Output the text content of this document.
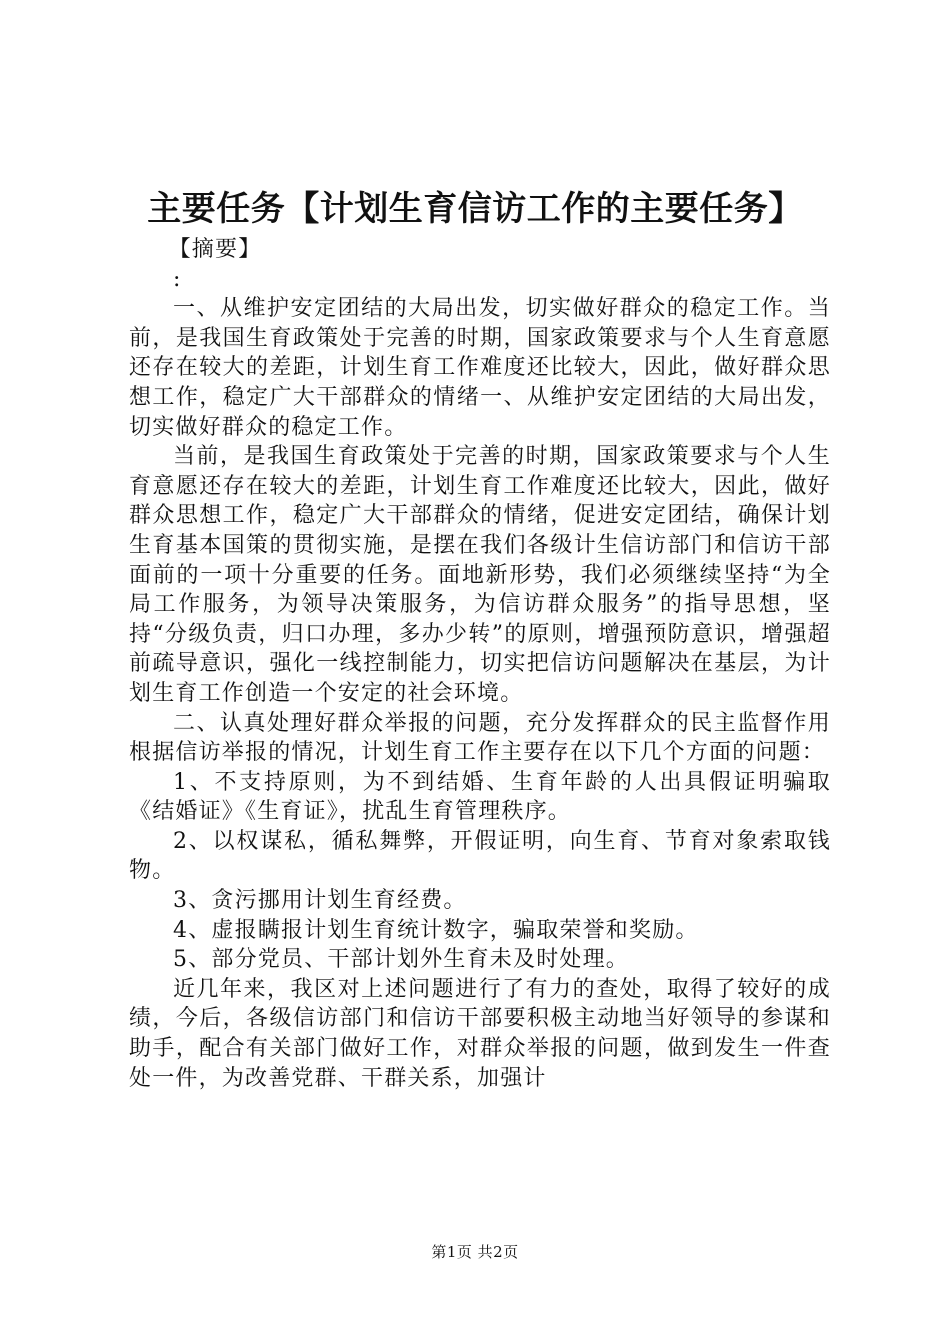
主要任务【计划生育信访工作的主要任务】

【摘要】

:

一、从维护安定团结的大局出发，切实做好群众的稳定工作。当前，是我国生育政策处于完善的时期，国家政策要求与个人生育意愿还存在较大的差距，计划生育工作难度还比较大，因此，做好群众思想工作，稳定广大干部群众的情绪一、从维护安定团结的大局出发，切实做好群众的稳定工作。

当前，是我国生育政策处于完善的时期，国家政策要求与个人生育意愿还存在较大的差距，计划生育工作难度还比较大，因此，做好群众思想工作，稳定广大干部群众的情绪，促进安定团结，确保计划生育基本国策的贯彻实施，是摆在我们各级计生信访部门和信访干部面前的一项十分重要的任务。面地新形势，我们必须继续坚持“为全局工作服务，为领导决策服务，为信访群众服务”的指导思想，坚持“分级负责，归口办理，多办少转”的原则，增强预防意识，增强超前疏导意识，强化一线控制能力，切实把信访问题解决在基层，为计划生育工作创造一个安定的社会环境。

二、认真处理好群众举报的问题，充分发挥群众的民主监督作用根据信访举报的情况，计划生育工作主要存在以下几个方面的问题：

1、不支持原则，为不到结婚、生育年龄的人出具假证明骗取《结婚证》《生育证》，扰乱生育管理秩序。

2、以权谋私，循私舞弊，开假证明，向生育、节育对象索取钱物。

3、贪污挪用计划生育经费。

4、虚报瞒报计划生育统计数字，骗取荣誉和奖励。

5、部分党员、干部计划外生育未及时处理。

近几年来，我区对上述问题进行了有力的查处，取得了较好的成绩，今后，各级信访部门和信访干部要积极主动地当好领导的参谋和助手，配合有关部门做好工作，对群众举报的问题，做到发生一件查处一件，为改善党群、干群关系，加强计

第1页 共2页
